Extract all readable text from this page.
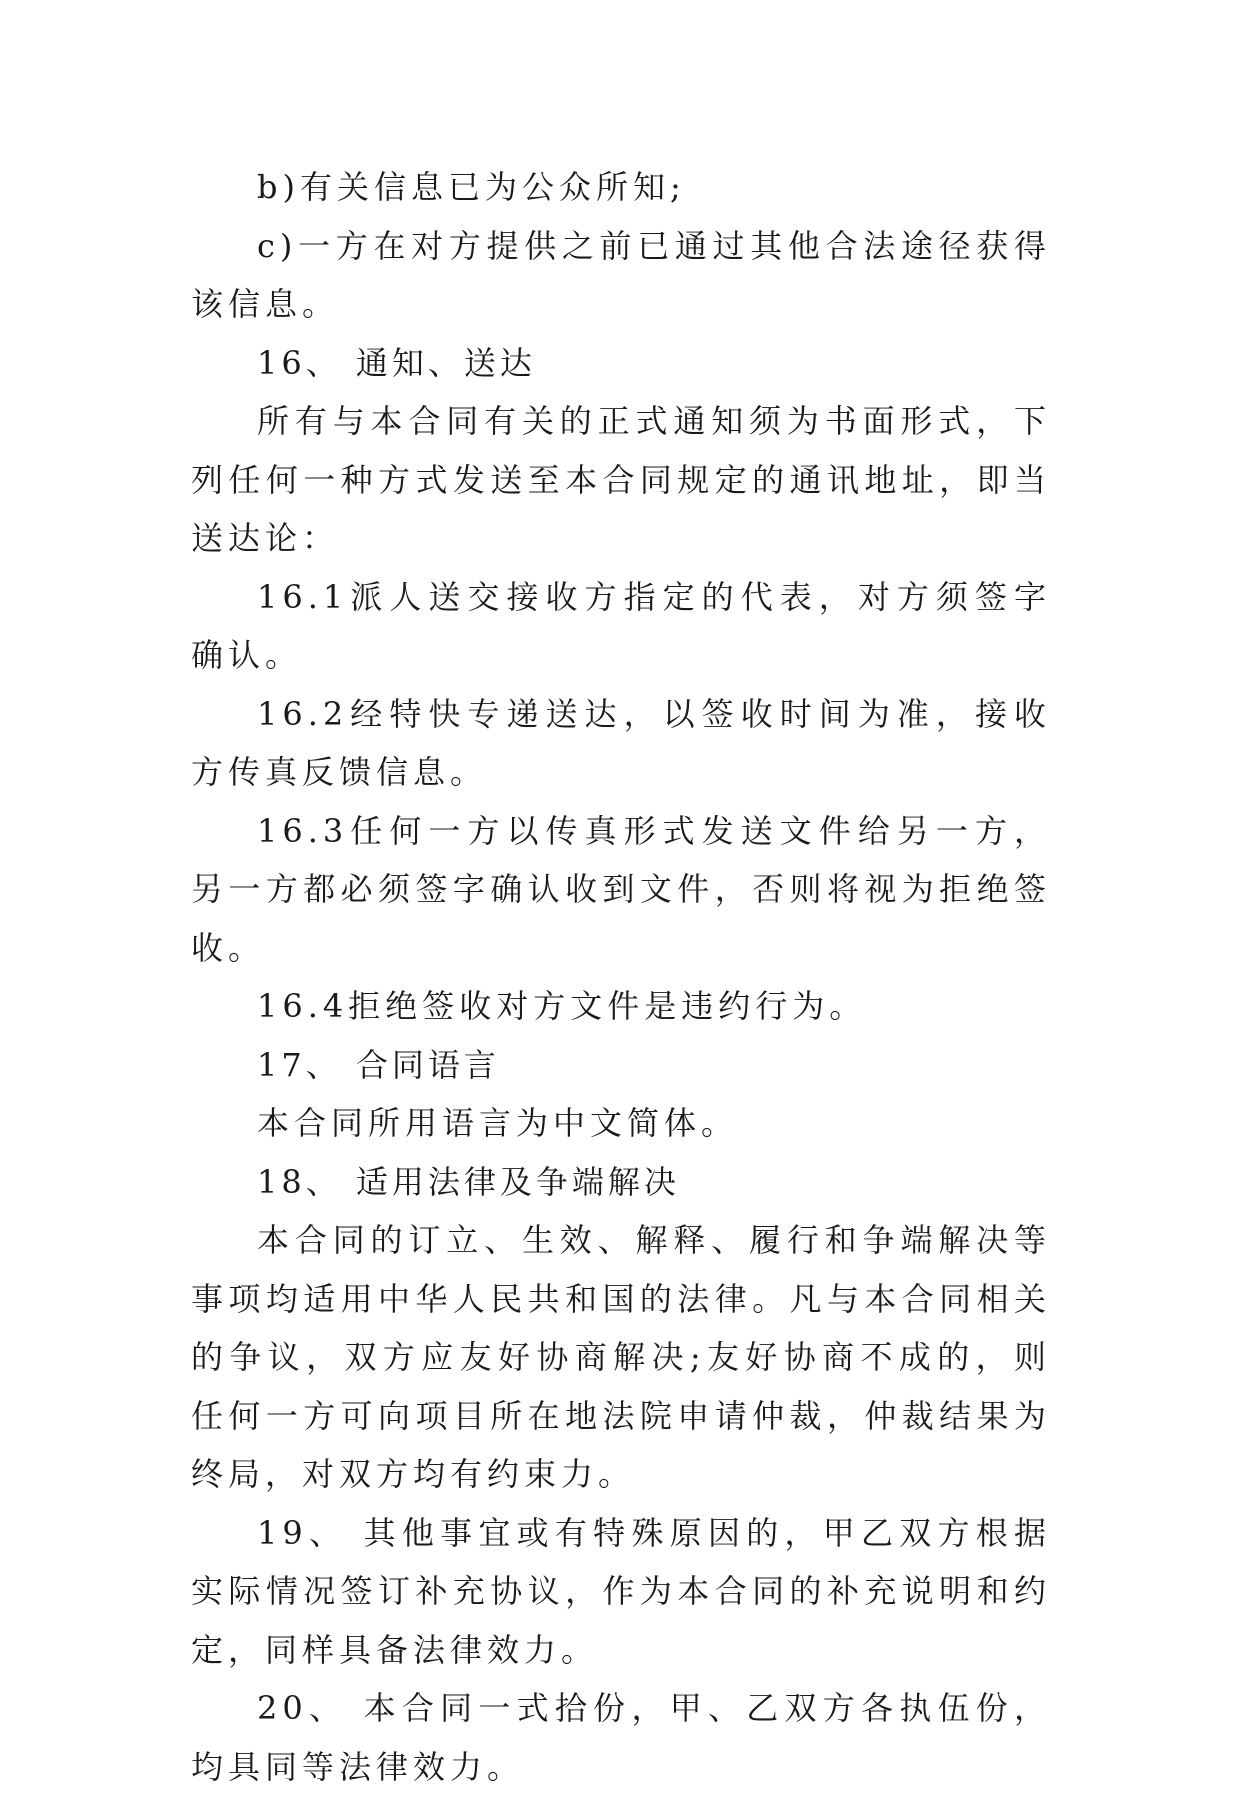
b)有关信息已为公众所知;

c)一方在对方提供之前已通过其他合法途径获得该信息。

16、 通知、送达

所有与本合同有关的正式通知须为书面形式，下列任何一种方式发送至本合同规定的通讯地址，即当送达论：

16.1派人送交接收方指定的代表，对方须签字确认。

16.2经特快专递送达，以签收时间为准，接收方传真反馈信息。

16.3任何一方以传真形式发送文件给另一方，另一方都必须签字确认收到文件，否则将视为拒绝签收。

16.4拒绝签收对方文件是违约行为。

17、 合同语言

本合同所用语言为中文简体。

18、 适用法律及争端解决

本合同的订立、生效、解释、履行和争端解决等事项均适用中华人民共和国的法律。凡与本合同相关的争议，双方应友好协商解决;友好协商不成的，则任何一方可向项目所在地法院申请仲裁，仲裁结果为终局，对双方均有约束力。

19、 其他事宜或有特殊原因的，甲乙双方根据实际情况签订补充协议，作为本合同的补充说明和约定，同样具备法律效力。

20、 本合同一式拾份，甲、乙双方各执伍份，均具同等法律效力。
